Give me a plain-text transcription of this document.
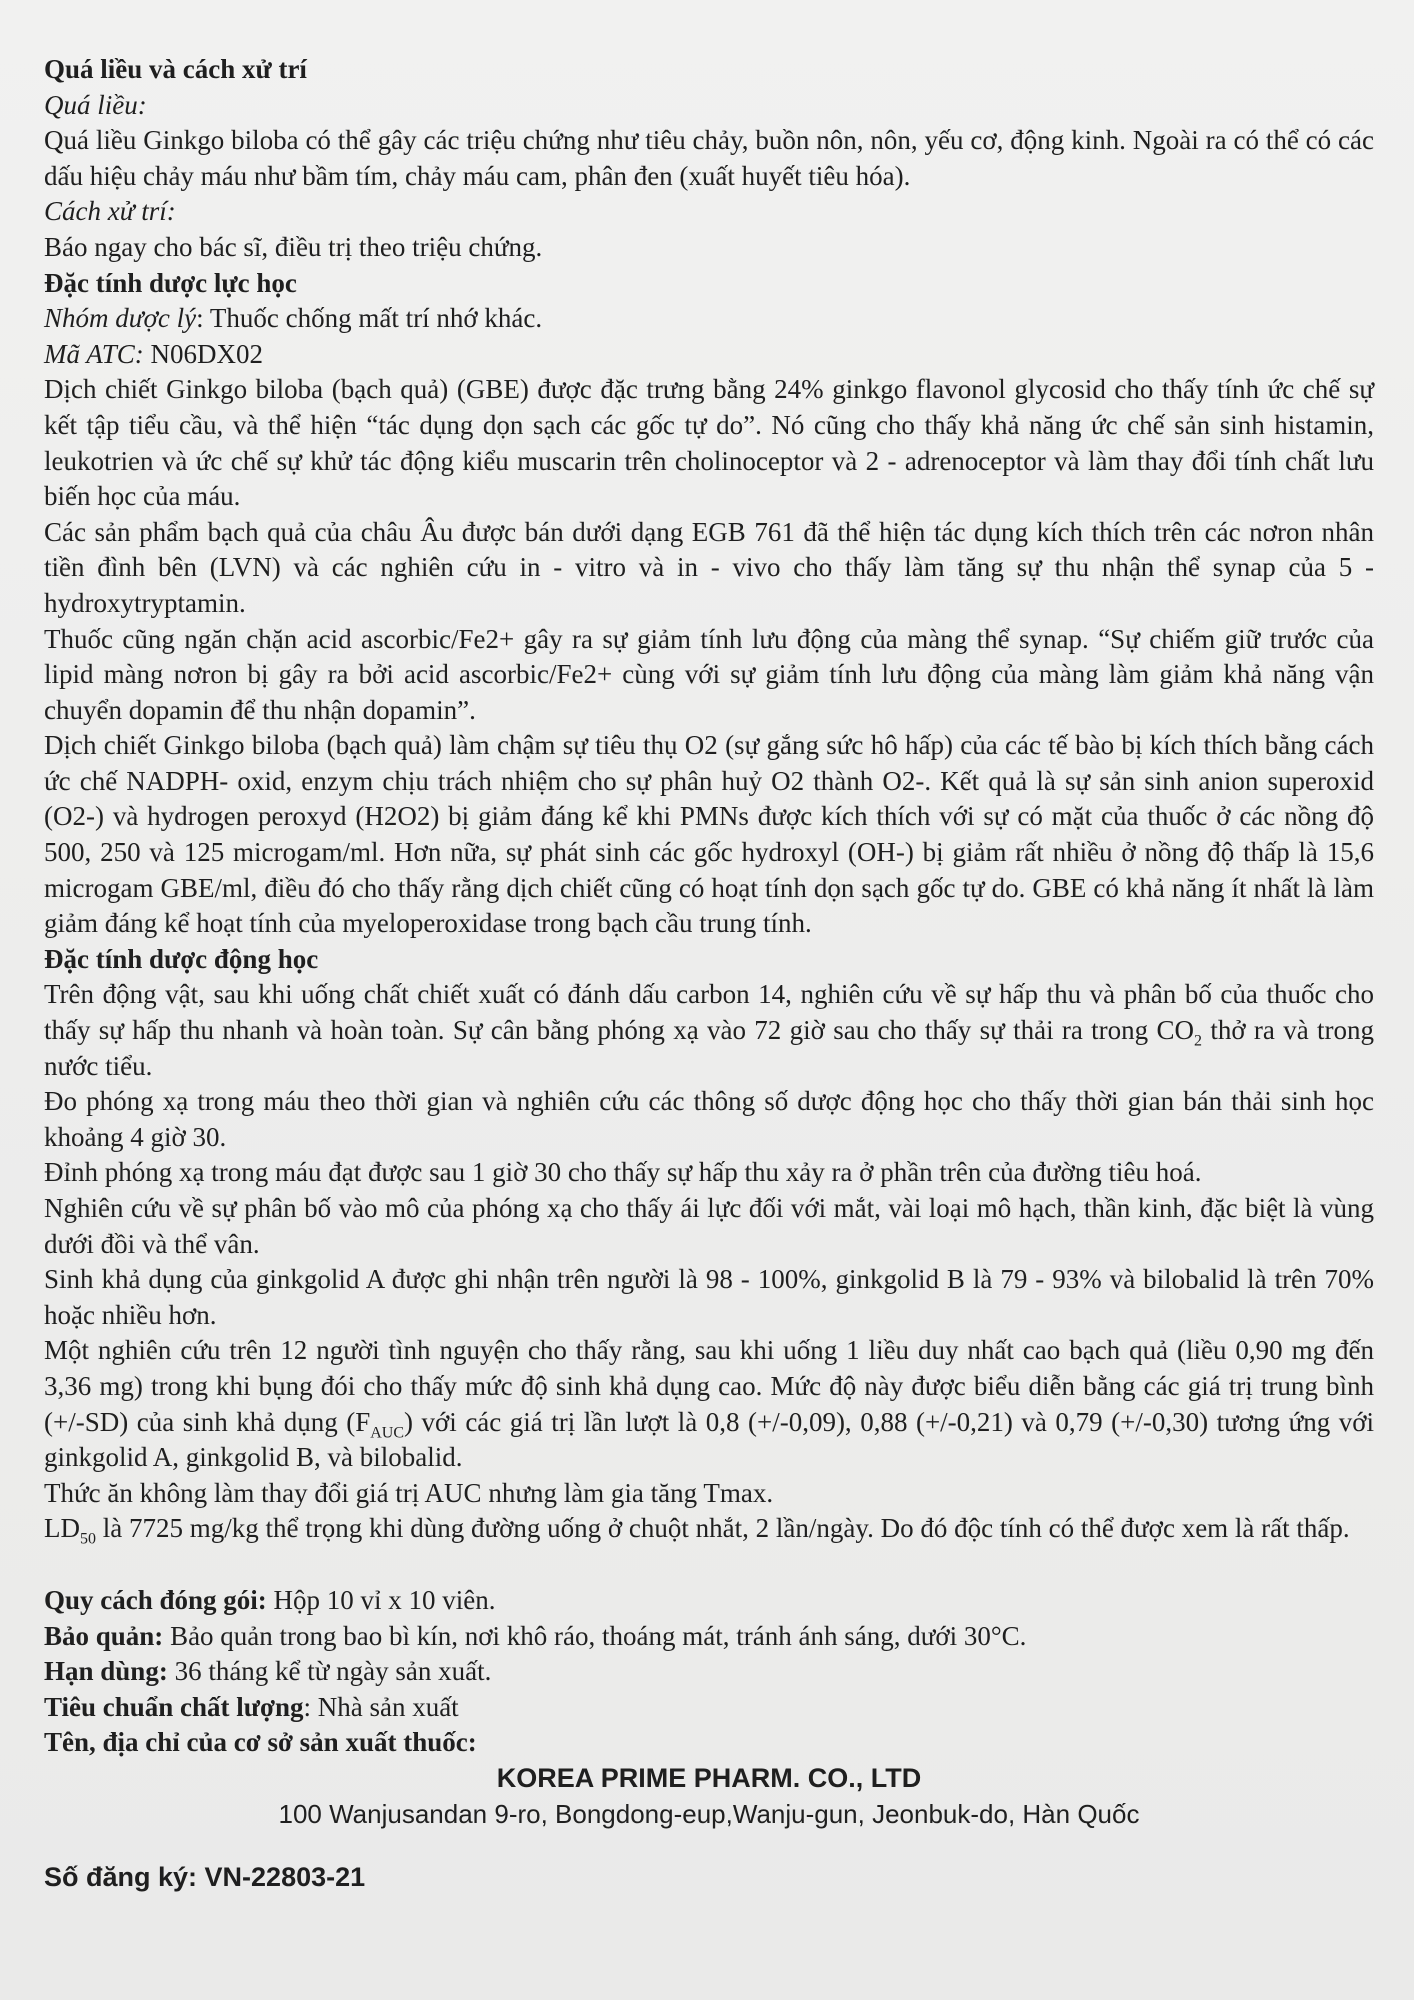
Quá liều và cách xử trí
Quá liều:

Quá liều Ginkgo biloba có thể gây các triệu chứng như tiêu chảy, buồn nôn, nôn, yếu cơ, động kinh. Ngoài ra có thể có các dấu hiệu chảy máu như bầm tím, chảy máu cam, phân đen (xuất huyết tiêu hóa).

Cách xử trí:

Báo ngay cho bác sĩ, điều trị theo triệu chứng.

Đặc tính dược lực học
Nhóm dược lý: Thuốc chống mất trí nhớ khác.
Mã ATC: N06DX02

Dịch chiết Ginkgo biloba (bạch quả) (GBE) được đặc trưng bằng 24% ginkgo flavonol glycosid cho thấy tính ức chế sự kết tập tiểu cầu, và thể hiện “tác dụng dọn sạch các gốc tự do”. Nó cũng cho thấy khả năng ức chế sản sinh histamin, leukotrien và ức chế sự khử tác động kiểu muscarin trên cholinoceptor và 2 - adrenoceptor và làm thay đổi tính chất lưu biến học của máu.

Các sản phẩm bạch quả của châu Âu được bán dưới dạng EGB 761 đã thể hiện tác dụng kích thích trên các nơron nhân tiền đình bên (LVN) và các nghiên cứu in - vitro và in - vivo cho thấy làm tăng sự thu nhận thể synap của 5 - hydroxytryptamin.

Thuốc cũng ngăn chặn acid ascorbic/Fe2+ gây ra sự giảm tính lưu động của màng thể synap. “Sự chiếm giữ trước của lipid màng nơron bị gây ra bởi acid ascorbic/Fe2+ cùng với sự giảm tính lưu động của màng làm giảm khả năng vận chuyển dopamin để thu nhận dopamin”.

Dịch chiết Ginkgo biloba (bạch quả) làm chậm sự tiêu thụ O2 (sự gắng sức hô hấp) của các tế bào bị kích thích bằng cách ức chế NADPH- oxid, enzym chịu trách nhiệm cho sự phân huỷ O2 thành O2-. Kết quả là sự sản sinh anion superoxid (O2-) và hydrogen peroxyd (H2O2) bị giảm đáng kể khi PMNs được kích thích với sự có mặt của thuốc ở các nồng độ 500, 250 và 125 microgam/ml. Hơn nữa, sự phát sinh các gốc hydroxyl (OH-) bị giảm rất nhiều ở nồng độ thấp là 15,6 microgam GBE/ml, điều đó cho thấy rằng dịch chiết cũng có hoạt tính dọn sạch gốc tự do. GBE có khả năng ít nhất là làm giảm đáng kể hoạt tính của myeloperoxidase trong bạch cầu trung tính.

Đặc tính dược động học

Trên động vật, sau khi uống chất chiết xuất có đánh dấu carbon 14, nghiên cứu về sự hấp thu và phân bố của thuốc cho thấy sự hấp thu nhanh và hoàn toàn. Sự cân bằng phóng xạ vào 72 giờ sau cho thấy sự thải ra trong $CO_2$ thở ra và trong nước tiểu.

Đo phóng xạ trong máu theo thời gian và nghiên cứu các thông số dược động học cho thấy thời gian bán thải sinh học khoảng 4 giờ 30.

Đỉnh phóng xạ trong máu đạt được sau 1 giờ 30 cho thấy sự hấp thu xảy ra ở phần trên của đường tiêu hoá.

Nghiên cứu về sự phân bố vào mô của phóng xạ cho thấy ái lực đối với mắt, vài loại mô hạch, thần kinh, đặc biệt là vùng dưới đồi và thể vân.

Sinh khả dụng của ginkgolid A được ghi nhận trên người là 98 - 100%, ginkgolid B là 79 - 93% và bilobalid là trên 70% hoặc nhiều hơn.

Một nghiên cứu trên 12 người tình nguyện cho thấy rằng, sau khi uống 1 liều duy nhất cao bạch quả (liều 0,90 mg đến 3,36 mg) trong khi bụng đói cho thấy mức độ sinh khả dụng cao. Mức độ này được biểu diễn bằng các giá trị trung bình (+/-SD) của sinh khả dụng $(F_{AUC})$ với các giá trị lần lượt là 0,8 (+/-0,09), 0,88 (+/-0,21) và 0,79 (+/-0,30) tương ứng với ginkgolid A, ginkgolid B, và bilobalid.

Thức ăn không làm thay đổi giá trị AUC nhưng làm gia tăng Tmax.

$LD_{50}$ là 7725 mg/kg thể trọng khi dùng đường uống ở chuột nhắt, 2 lần/ngày. Do đó độc tính có thể được xem là rất thấp.

Quy cách đóng gói: Hộp 10 vỉ x 10 viên.
Bảo quản: Bảo quản trong bao bì kín, nơi khô ráo, thoáng mát, tránh ánh sáng, dưới 30°C.
Hạn dùng: 36 tháng kể từ ngày sản xuất.
Tiêu chuẩn chất lượng: Nhà sản xuất
Tên, địa chỉ của cơ sở sản xuất thuốc:
KOREA PRIME PHARM. CO., LTD
100 Wanjusandan 9-ro, Bongdong-eup,Wanju-gun, Jeonbuk-do, Hàn Quốc
Số đăng ký: VN-22803-21
